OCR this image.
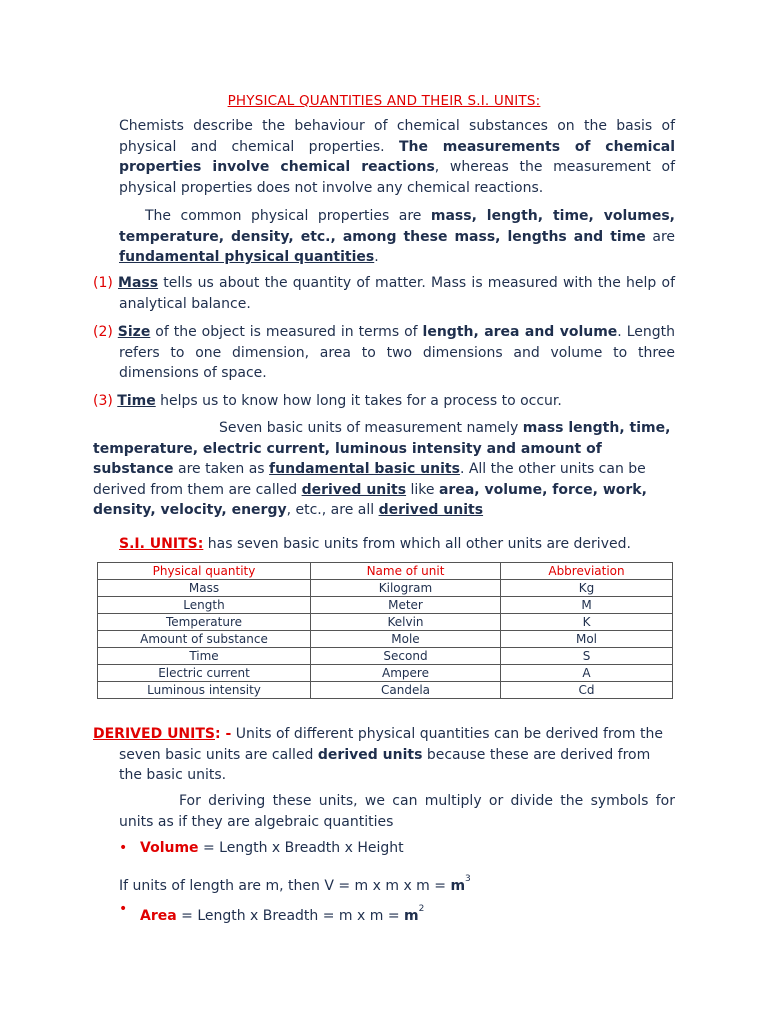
PHYSICAL QUANTITIES AND THEIR S.I. UNITS:
Chemists describe the behaviour of chemical substances on the basis of physical and chemical properties. The measurements of chemical properties involve chemical reactions, whereas the measurement of physical properties does not involve any chemical reactions.
The common physical properties are mass, length, time, volumes, temperature, density, etc., among these mass, lengths and time are fundamental physical quantities.
(1) Mass tells us about the quantity of matter. Mass is measured with the help of analytical balance.
(2) Size of the object is measured in terms of length, area and volume. Length refers to one dimension, area to two dimensions and volume to three dimensions of space.
(3) Time helps us to know how long it takes for a process to occur.
Seven basic units of measurement namely mass length, time, temperature, electric current, luminous intensity and amount of substance are taken as fundamental basic units. All the other units can be derived from them are called derived units like area, volume, force, work, density, velocity, energy, etc., are all derived units
S.I. UNITS: has seven basic units from which all other units are derived.
Physical quantity	Name of unit	Abbreviation
Mass	Kilogram	Kg
Length	Meter	M
Temperature	Kelvin	K
Amount of substance	Mole	Mol
Time	Second	S
Electric current	Ampere	A
Luminous intensity	Candela	Cd
DERIVED UNITS: - Units of different physical quantities can be derived from the seven basic units are called derived units because these are derived from the basic units.
For deriving these units, we can multiply or divide the symbols for units as if they are algebraic quantities
• Volume = Length x Breadth x Height
If units of length are m, then V = m x m x $m = m^3$
• Area = Length x Breadth = m x $m = m^2$
